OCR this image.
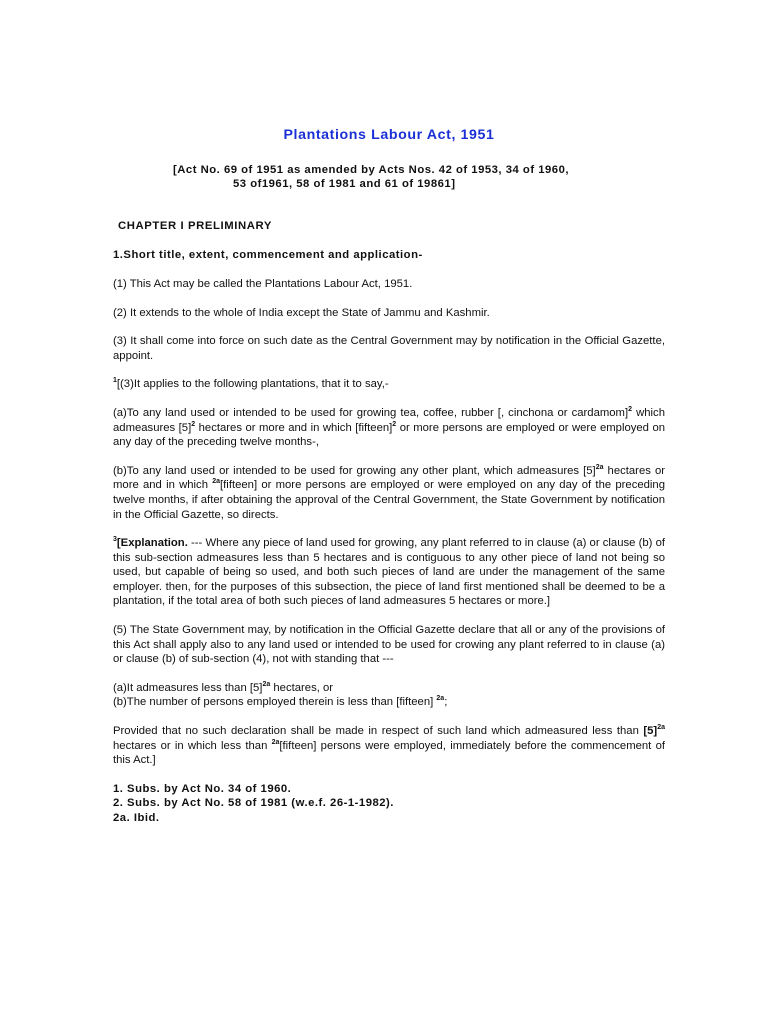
Plantations Labour Act, 1951
[Act No. 69 of 1951 as amended by Acts Nos. 42 of 1953, 34 of 1960,
53 of1961, 58 of 1981 and 61 of 19861]
CHAPTER I PRELIMINARY
1.Short title, extent, commencement and application-

(1) This Act may be called the Plantations Labour Act, 1951.

(2) It extends to the whole of India except the State of Jammu and Kashmir.

(3) It shall come into force on such date as the Central Government may by notification in the Official Gazette, appoint.

$^1$[(3)It applies to the following plantations, that it to say,-

(a)To any land used or intended to be used for growing tea, coffee, rubber [, cinchona or cardamom]$^2$ which admeasures $[5]^2$ hectares or more and in which [fifteen]$^2$ or more persons are employed or were employed on any day of the preceding twelve months-,

(b)To any land used or intended to be used for growing any other plant, which admeasures $[5]^{2a}$ hectares or more and in which $^{2a}$[fifteen] or more persons are employed or were employed on any day of the preceding twelve months, if after obtaining the approval of the Central Government, the State Government by notification in the Official Gazette, so directs.

$^3$[Explanation. --- Where any piece of land used for growing, any plant referred to in clause (a) or clause (b) of this sub-section admeasures less than 5 hectares and is contiguous to any other piece of land not being so used, but capable of being so used, and both such pieces of land are under the management of the same employer. then, for the purposes of this subsection, the piece of land first mentioned shall be deemed to be a plantation, if the total area of both such pieces of land admeasures 5 hectares or more.]

(5) The State Government may, by notification in the Official Gazette declare that all or any of the provisions of this Act shall apply also to any land used or intended to be used for crowing any plant referred to in clause (a) or clause (b) of sub-section (4), not with standing that ---

(a)It admeasures less than $[5]^{2a}$ hectares, or

(b)The number of persons employed therein is less than [fifteen] $^{2a}$;

Provided that no such declaration shall be made in respect of such land which admeasured less than $[5]^{2a}$ hectares or in which less than $^{2a}$[fifteen] persons were employed, immediately before the commencement of this Act.]

1. Subs. by Act No. 34 of 1960.
2. Subs. by Act No. 58 of 1981 (w.e.f. 26-1-1982).
2a. Ibid.
